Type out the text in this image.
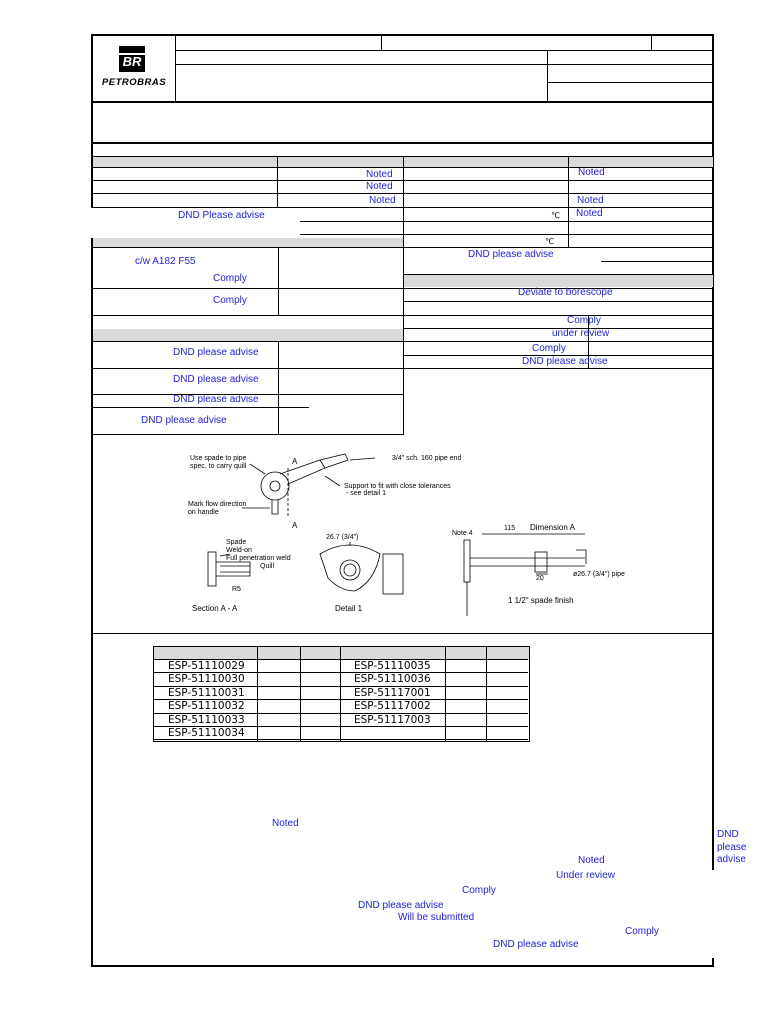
BR
PETROBRAS
Noted
Noted
Noted
DND Please advise
c/w A182 F55
Comply
Comply
DND please advise
DND please advise
DND please advise
DND please advise
Noted
Noted
Noted
DND please advise
Deviate to borescope
Comply
under review
Comply
DND please advise
℃
℃
Use spade to pipe
spec. to carry quill
A	3/4" sch. 160 pipe end
Support to fit with close tolerances
- see detail 1
Mark flow direction
on handle
A
Spade
Weld-on
Full penetration weld
Quill
R5
Section A - A
26.7 (3/4")
Detail 1
Note 4
115 Dimension A
20
ø26.7 (3/4") pipe
1 1/2" spade finish
ESP-51110029
ESP-51110030
ESP-51110031
ESP-51110032
ESP-51110033
ESP-51110034
ESP-51110035
ESP-51110036
ESP-51117001
ESP-51117002
ESP-51117003
Noted
DND
please
advise
Noted
Under review
Comply
DND please advise
Will be submitted
Comply
DND please advise
